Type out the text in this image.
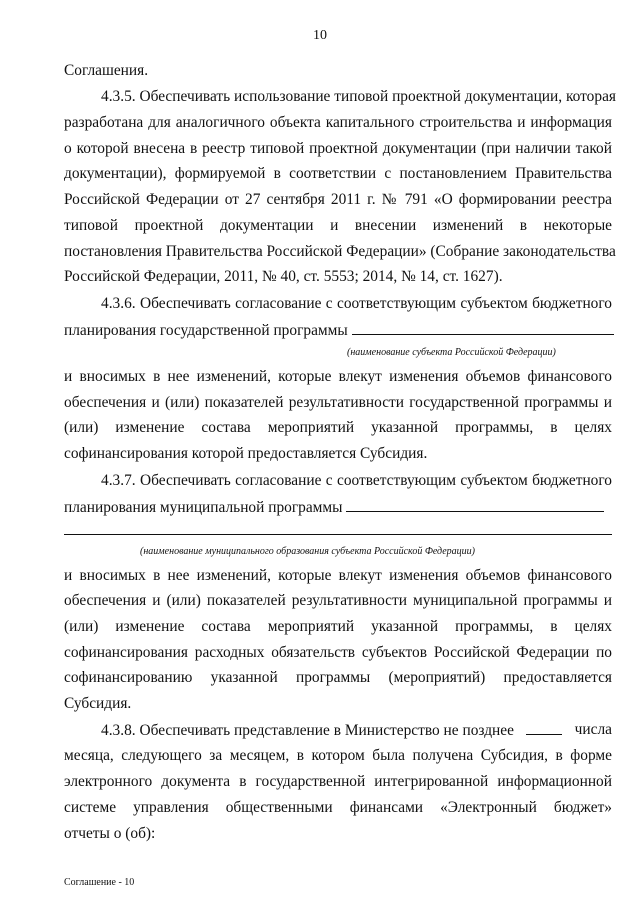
10
Соглашения.
4.3.5. Обеспечивать использование типовой проектной документации, которая
разработана для аналогичного объекта капитального строительства и информация
о которой внесена в реестр типовой проектной документации (при наличии такой
документации), формируемой в соответствии с постановлением Правительства
Российской Федерации от 27 сентября 2011 г. № 791 «О формировании реестра
типовой проектной документации и внесении изменений в некоторые
постановления Правительства Российской Федерации» (Собрание законодательства
Российской Федерации, 2011, № 40, ст. 5553; 2014, № 14, ст. 1627).
4.3.6. Обеспечивать согласование с соответствующим субъектом бюджетного
планирования государственной программы
(наименование субъекта Российской Федерации)
и вносимых в нее изменений, которые влекут изменения объемов финансового
обеспечения и (или) показателей результативности государственной программы и
(или) изменение состава мероприятий указанной программы, в целях
софинансирования которой предоставляется Субсидия.
4.3.7. Обеспечивать согласование с соответствующим субъектом бюджетного
планирования муниципальной программы
(наименование муниципального образования субъекта Российской Федерации)
и вносимых в нее изменений, которые влекут изменения объемов финансового
обеспечения и (или) показателей результативности муниципальной программы и
(или) изменение состава мероприятий указанной программы, в целях
софинансирования расходных обязательств субъектов Российской Федерации по
софинансированию указанной программы (мероприятий) предоставляется
Субсидия.
4.3.8. Обеспечивать представление в Министерство не позднее	числа
месяца, следующего за месяцем, в котором была получена Субсидия, в форме
электронного документа в государственной интегрированной информационной
системе управления общественными финансами «Электронный бюджет»
отчеты о (об):
Соглашение - 10
